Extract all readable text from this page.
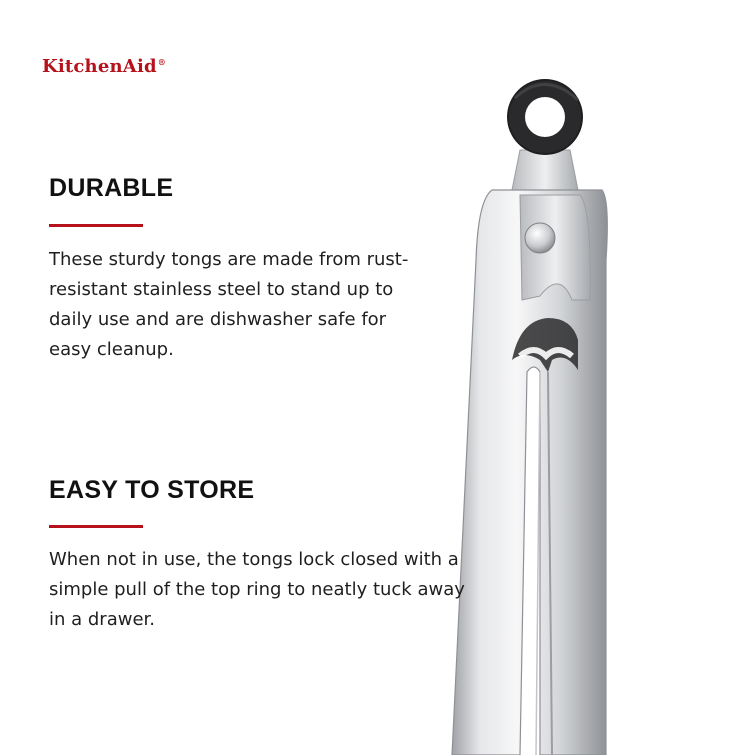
KitchenAid®
DURABLE

These sturdy tongs are made from rust-resistant stainless steel to stand up to daily use and are dishwasher safe for easy cleanup.

EASY TO STORE

When not in use, the tongs lock closed with a simple pull of the top ring to neatly tuck away in a drawer.
